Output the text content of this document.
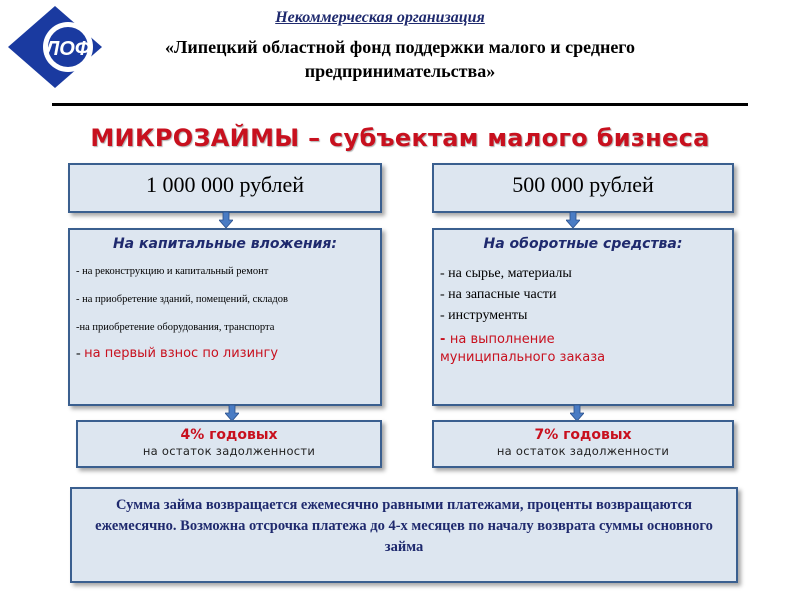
ЛОФ
Некоммерческая организация
«Липецкий областной фонд поддержки малого и среднего предпринимательства»
МИКРОЗАЙМЫ – субъектам малого бизнеса
1 000 000 рублей	500 000 рублей
На капитальные вложения:
- на реконструкцию и капитальный ремонт
- на приобретение зданий, помещений, складов
-на приобретение оборудования, транспорта
- на первый взнос по лизингу
На оборотные средства:
- на сырье, материалы
- на запасные части
- инструменты
- на выполнение
муниципального заказа
4% годовых
на остаток задолженности
7% годовых
на остаток задолженности
Сумма займа возвращается ежемесячно равными платежами, проценты возвращаются ежемесячно. Возможна отсрочка платежа до 4-х месяцев по началу возврата суммы основного займа
